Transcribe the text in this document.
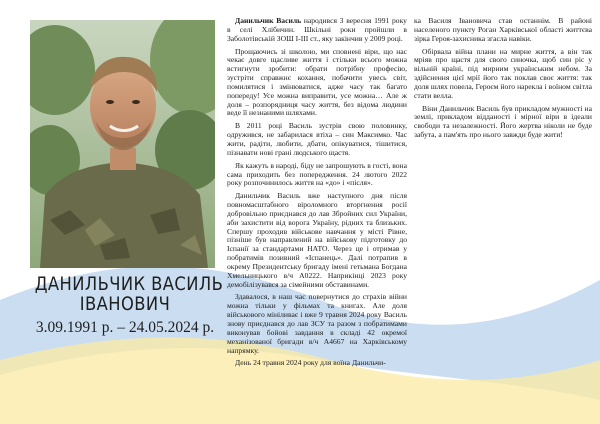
ДАНИЛЬЧИК ВАСИЛЬ
ІВАНОВИЧ
3.09.1991 р. – 24.05.2024 р.

Данильчик Василь народився 3 вересня 1991 року в селі Хлібичин. Шкільні роки пройшли в Заболотівській ЗОШ I-III ст., яку закінчив у 2009 році.

Прощаючись зі школою, ми сповнені віри, що нас чекає довге щасливе життя і стільки всього можна встигнути зробити: обрати потрібну професію, зустріти справжнє кохання, побачити увесь світ, помилятися і змінюватися, адже часу так багато попереду! Усе можна виправити, усе можна… Але ж доля – розпорядниця часу життя, без відома людини веде її незнаними шляхами.

В 2011 році Василь зустрів свою половинку, одружився, не забарилася втіха – син Максимко. Час жити, радіти, любити, дбати, опікуватися, тішитися, пізнавати нові грані людського щастя.

Як кажуть в народі, біду не запрошують в гості, вона сама приходить без попередження. 24 лютого 2022 року розпочинилось життя на «до» і «після».

Данильчик Василь вже наступного дня після повномасштабного віроломного вторгнення росії добровільно приєднався до лав Збройних сил України, аби захистити від ворога Україну, рідних та близьких. Спершу проходив військове навчання у місті Рівне, пізніше був направлений на військову підготовку до Іспанії за стандартами НАТО. Через це і отримав у побратимів позивний «Іспанець». Далі потрапив в окрему Президентську бригаду імені гетьмана Богдана Хмельницького в/ч А0222. Наприкінці 2023 року демобілізувався за сімейними обставинами.

Здавалося, в наш час повернутися до страхів війни можна тільки у фільмах та книгах. Але доля військового мініливає і вже 9 травня 2024 року Василь знову приєднався до лав ЗСУ та разом з побратимами виконував бойові завдання в складі 42 окремої механізованої бригади в/ч А4667 на Харківському напрямку.

День 24 травня 2024 року для воїна Данильчи-

ка Василя Івановича став останнім. В районі населеного пункту Роган Харківської області життєва зірка Героя-захисника згасла навіки.

Обірвала війна плани на мирне життя, а він так мріяв про щастя для свого синочка, щоб син ріс у вільній країні, під мирним українським небом. За здійснення цієї мрії його так поклав своє життя: так доля шлях повела, Героєм його нарекла і воїном світла стати велла.

Віни Данильчик Василь був прикладом мужності на землі, прикладом відданості і мірної віри в ідеали свободи та незалежності. Його жертва ніколи не буде забута, а пам'ять про нього завжди буде жити!
